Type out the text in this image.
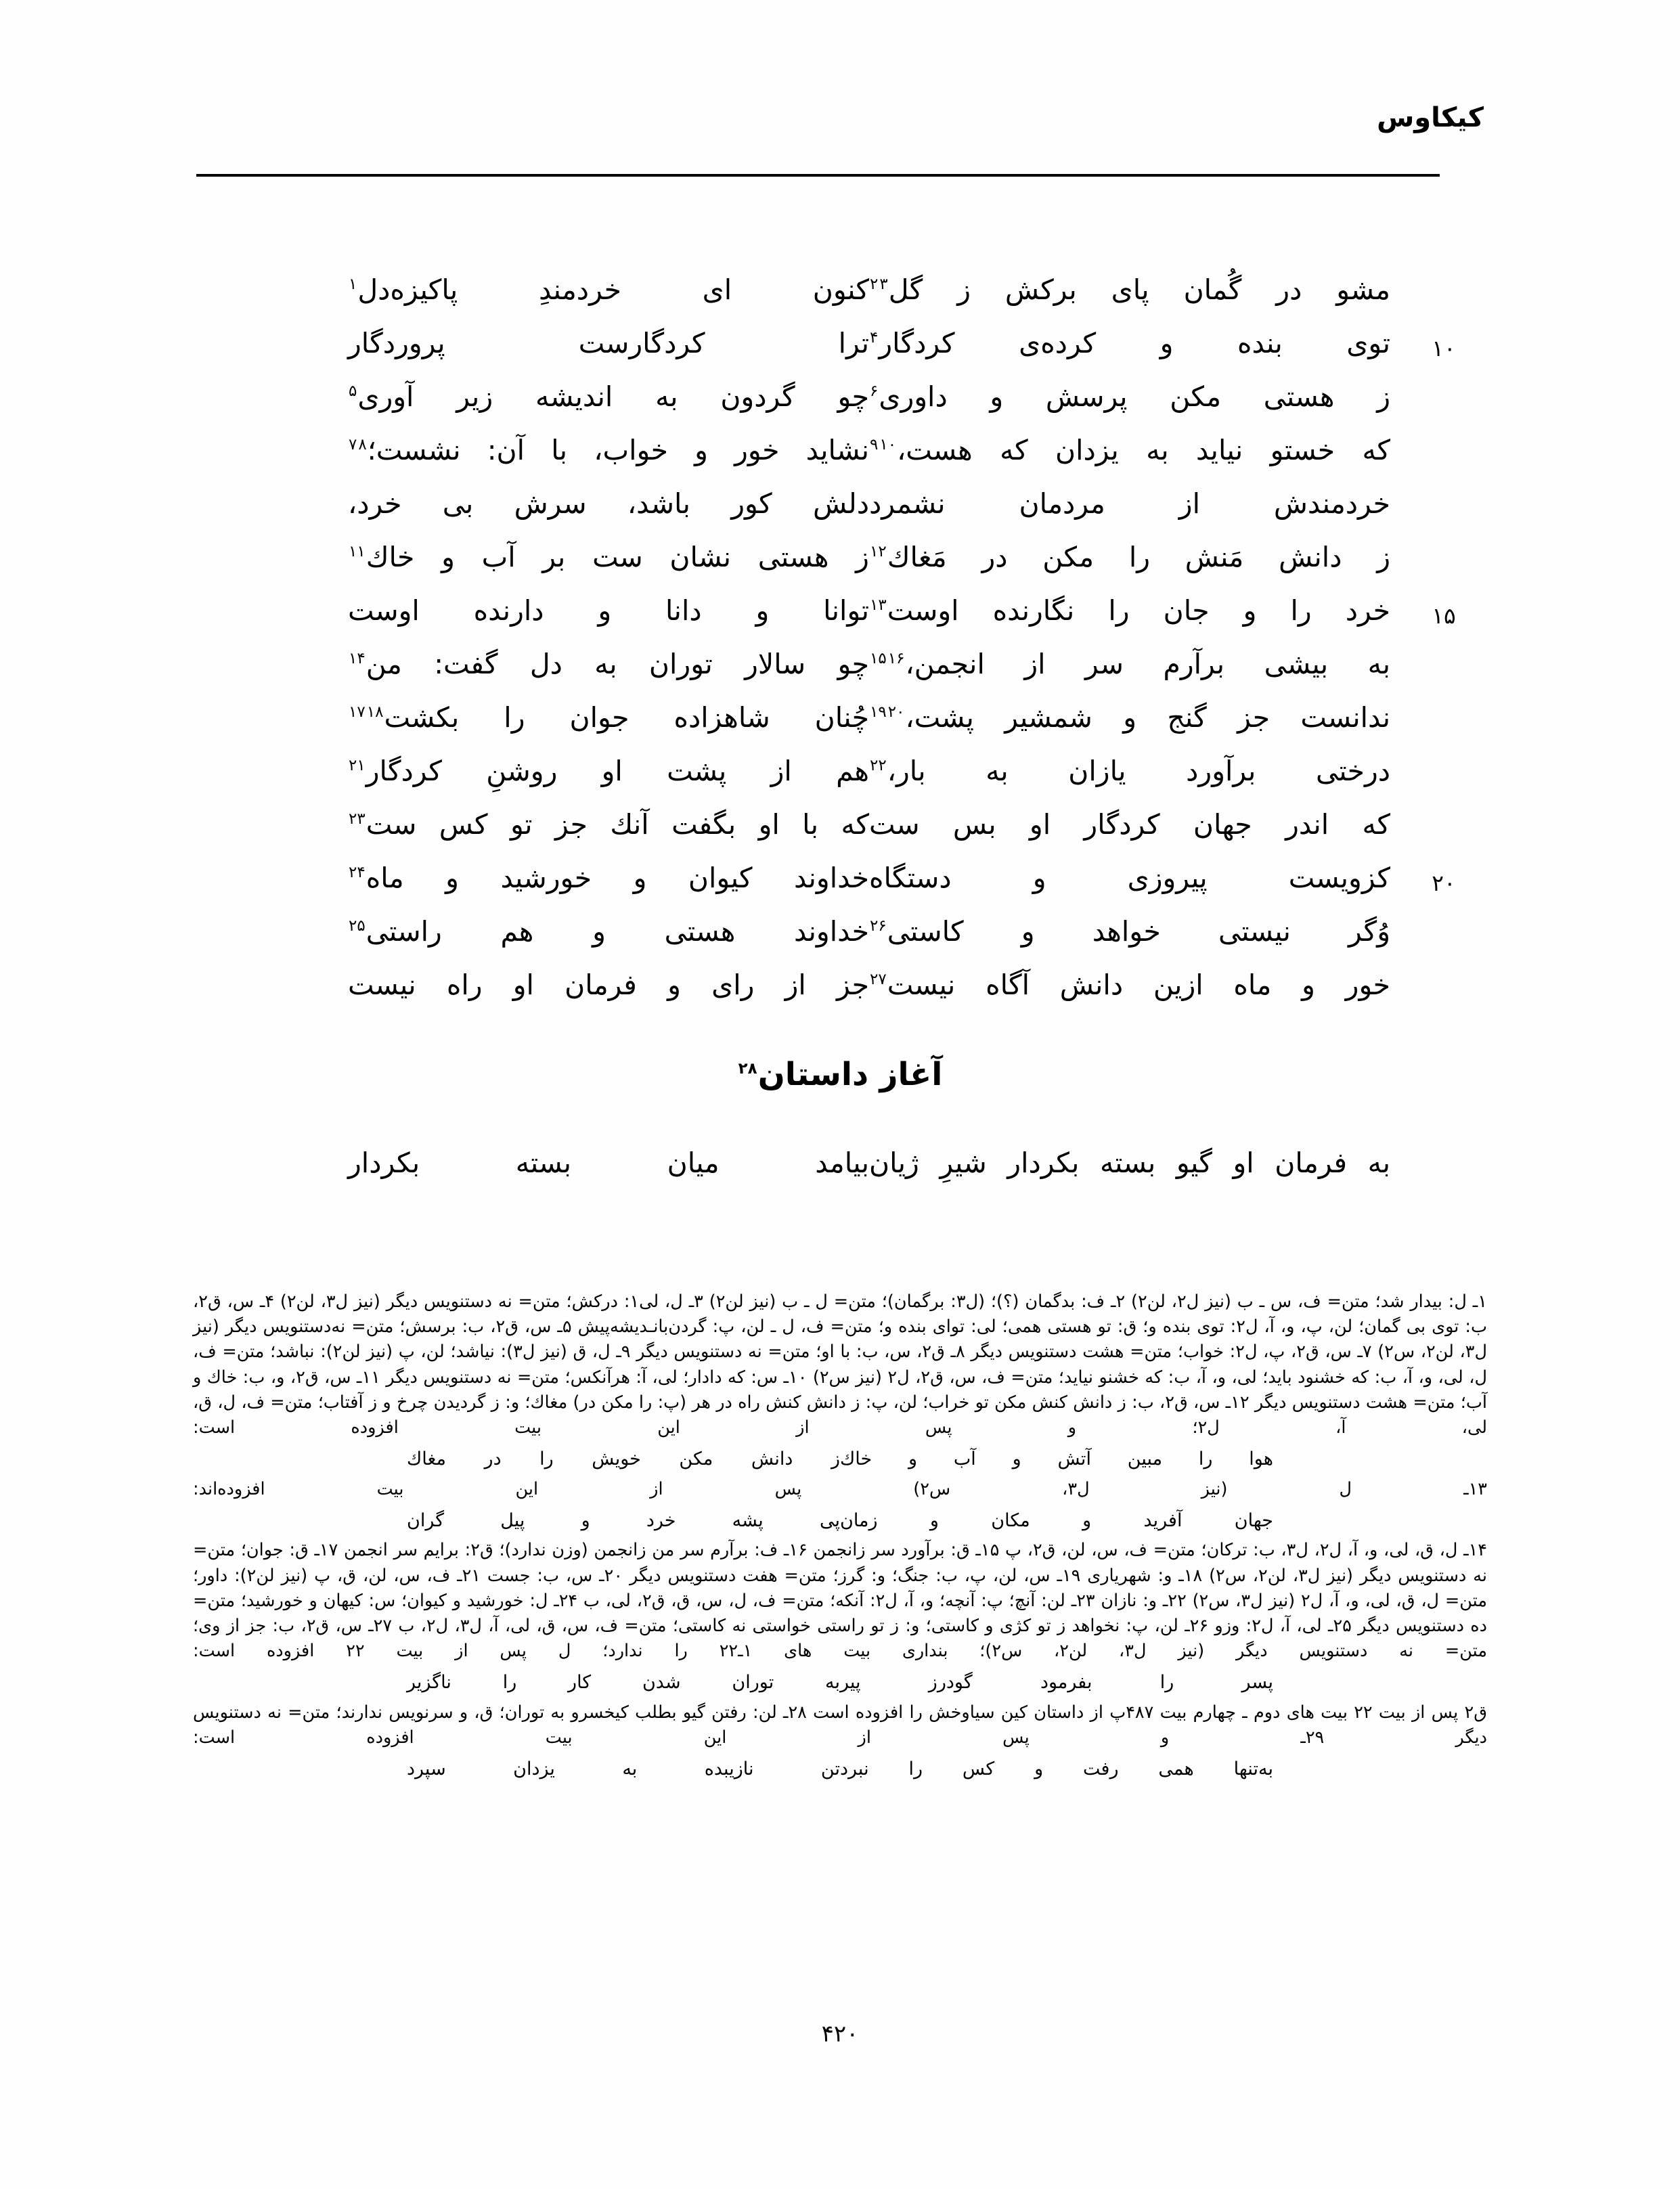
کیکاوس
مشو در گُمان پای برکش ز گل$^{۲۳}$
کنون ای خردمندِ پاکیزه‌دل$^۱$
۱۰
توی بنده و کرده‌ی کردگار$^۴$
ترا کردگارست پروردگار
ز هستی مکن پرسش و داوری$^۶$
چو گردون به اندیشه زیر آوری$^۵$
که خستو نیاید به یزدان که هست،$^{۹۱۰}$
نشاید خور و خواب، با آن: نشست؛$^{۷۸}$
خردمندش از مردمان نشمرد
دلش کور باشد، سرش بی خرد،
ز دانش مَنش را مکن در مَغاك$^{۱۲}$
ز هستی نشان ست بر آب و خاك$^{۱۱}$
۱۵
خرد را و جان را نگارنده اوست$^{۱۳}$
توانا و دانا و دارنده اوست
به بیشی برآرم سر از انجمن،$^{۱۵۱۶}$
چو سالار توران به دل گفت: من$^{۱۴}$
ندانست جز گنج و شمشیر پشت،$^{۱۹۲۰}$
چُنان شاهزاده جوان را بکشت$^{۱۷۱۸}$
درختی برآورد یازان به بار،$^{۲۲}$
هم از پشت او روشنِ کردگار$^{۲۱}$
که اندر جهان کردگار او بس ست
که با او بگفت آنك جز تو کس ست$^{۲۳}$
۲۰
کزویست پیروزی و دستگاه
خداوند کیوان و خورشید و ماه$^{۲۴}$
وُگر نیستی خواهد و کاستی$^{۲۶}$
خداوند هستی و هم راستی$^{۲۵}$
خور و ماه ازین دانش آگاه نیست$^{۲۷}$
جز از رای و فرمان او راه نیست
آغاز داستان$^{۲۸}$
به فرمان او گیو بسته بکردار شیرِ ژیان
بیامد میان بسته بکردار

۱ـ ل: بیدار شد؛ متن= ف، س ـ ب (نیز ل۲، لن۲) ۲ـ ف: بدگمان (؟)؛ (ل۳: برگمان)؛ متن= ل ـ ب (نیز لن۲) ۳ـ ل، لی۱: درکش؛ متن= نه دستنویس دیگر (نیز ل۳، لن۲) ۴ـ س، ق۲، ب: توی بی گمان؛ لن، پ، و، آ، ل۲: توی بنده و؛ ق: تو هستی همی؛ لی: توای بنده و؛ متن= ف، ل ـ لن، پ: گردن‌بانـدیشه‌پیش ۵ـ س، ق۲، ب: برسش؛ متن= نه‌دستنویس دیگر (نیز ل۳، لن۲، س۲) ۷ـ س، ق۲، پ، ل۲: خواب؛ متن= هشت دستنویس دیگر ۸ـ ق۲، س، ب: با او؛ متن= نه دستنویس دیگر ۹ـ ل، ق (نیز ل۳): نیاشد؛ لن، پ (نیز لن۲): نباشد؛ متن= ف، ل، لی، و، آ، ب: که خشنود باید؛ لی، و، آ، ب: که خشنو نیاید؛ متن= ف، س، ق۲، ل۲ (نیز س۲) ۱۰ـ س: که دادار؛ لی، آ: هرآنکس؛ متن= نه دستنویس دیگر ۱۱ـ س، ق۲، و، ب: خاك و آب؛ متن= هشت دستنویس دیگر ۱۲ـ س، ق۲، ب: ز دانش کنش مکن تو خراب؛ لن، پ: ز دانش کنش راه در هر (پ: را مکن در) مغاك؛ و: ز گردیدن چرخ و ز آفتاب؛ متن= ف، ل، ق، لی، آ، ل۲؛ و پس از این بیت افزوده است:

هوا را مبین آتش و آب و خاكز دانش مکن خویش را در مغاك

۱۳ـ ل (نیز ل۳، س۲) پس از این بیت افزوده‌اند:

جهان آفرید و مکان و زمانپی پشه خرد و پیل گران

۱۴ـ ل، ق، لی، و، آ، ل۲، ل۳، ب: ترکان؛ متن= ف، س، لن، ق۲، پ ۱۵ـ ق: برآورد سر زانجمن ۱۶ـ ف: برآرم سر من زانجمن (وزن ندارد)؛ ق۲: برایم سر انجمن ۱۷ـ ق: جوان؛ متن= نه دستنویس دیگر (نیز ل۳، لن۲، س۲) ۱۸ـ و: شهریاری ۱۹ـ س، لن، پ، ب: جنگ؛ و: گرز؛ متن= هفت دستنویس دیگر ۲۰ـ س، ب: جست ۲۱ـ ف، س، لن، ق، پ (نیز لن۲): داور؛ متن= ل، ق، لی، و، آ، ل۲ (نیز ل۳، س۲) ۲۲ـ و: نازان ۲۳ـ لن: آنچ؛ پ: آنچه؛ و، آ، ل۲: آنکه؛ متن= ف، ل، س، ق، ق۲، لی، ب ۲۴ـ ل: خورشید و کیوان؛ س: کیهان و خورشید؛ متن= ده دستنویس دیگر ۲۵ـ لی، آ، ل۲: وزو ۲۶ـ لن، پ: نخواهد ز تو کژی و کاستی؛ و: ز تو راستی خواستی نه کاستی؛ متن= ف، س، ق، لی، آ، ل۳، ل۲، ب ۲۷ـ س، ق۲، ب: جز از وی؛ متن= نه دستنویس دیگر (نیز ل۳، لن۲، س۲)؛ بنداری بیت های ۱ـ۲۲ را ندارد؛ ل پس از بیت ۲۲ افزوده است:

پسر را بفرمود گودرز پیربه توران شدن کار را ناگزیر

ق۲ پس از بیت ۲۲ بیت های دوم ـ چهارم بیت ۴۸۷پ از داستان کین سیاوخش را افزوده است ۲۸ـ لن: رفتن گیو بطلب کیخسرو به توران؛ ق، و سرنویس ندارند؛ متن= نه دستنویس دیگر ۲۹ـ و پس از این بیت افزوده است:

به‌تنها همی رفت و کس را نبردتن نازیبده به یزدان سپرد
۴۲۰
